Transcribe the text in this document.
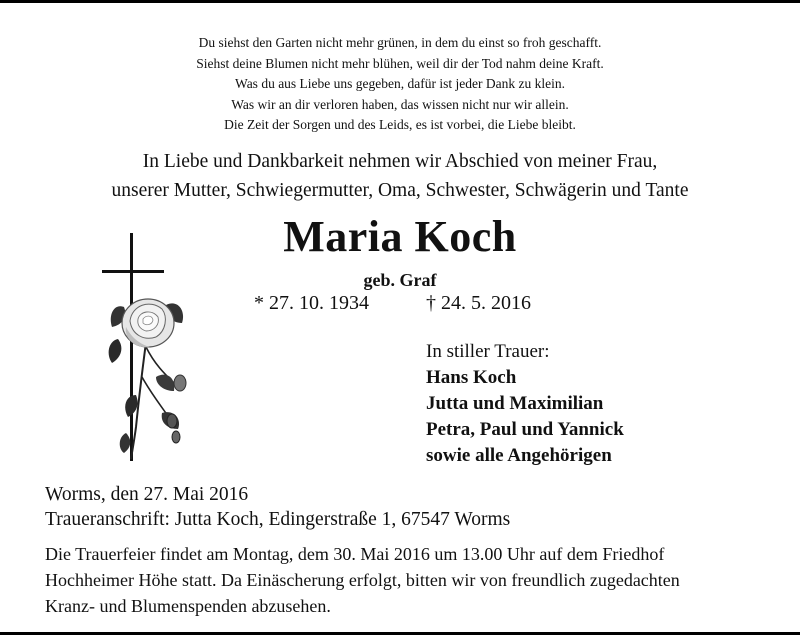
Du siehst den Garten nicht mehr grünen, in dem du einst so froh geschafft.
Siehst deine Blumen nicht mehr blühen, weil dir der Tod nahm deine Kraft.
Was du aus Liebe uns gegeben, dafür ist jeder Dank zu klein.
Was wir an dir verloren haben, das wissen nicht nur wir allein.
Die Zeit der Sorgen und des Leids, es ist vorbei, die Liebe bleibt.
In Liebe und Dankbarkeit nehmen wir Abschied von meiner Frau,
unserer Mutter, Schwiegermutter, Oma, Schwester, Schwägerin und Tante
Maria Koch
geb. Graf
* 27. 10. 1934	† 24. 5. 2016
In stiller Trauer:
Hans Koch
Jutta und Maximilian
Petra, Paul und Yannick
sowie alle Angehörigen
Worms, den 27. Mai 2016
Traueranschrift: Jutta Koch, Edingerstraße 1, 67547 Worms
Die Trauerfeier findet am Montag, dem 30. Mai 2016 um 13.00 Uhr auf dem Friedhof
Hochheimer Höhe statt. Da Einäscherung erfolgt, bitten wir von freundlich zugedachten
Kranz- und Blumenspenden abzusehen.
